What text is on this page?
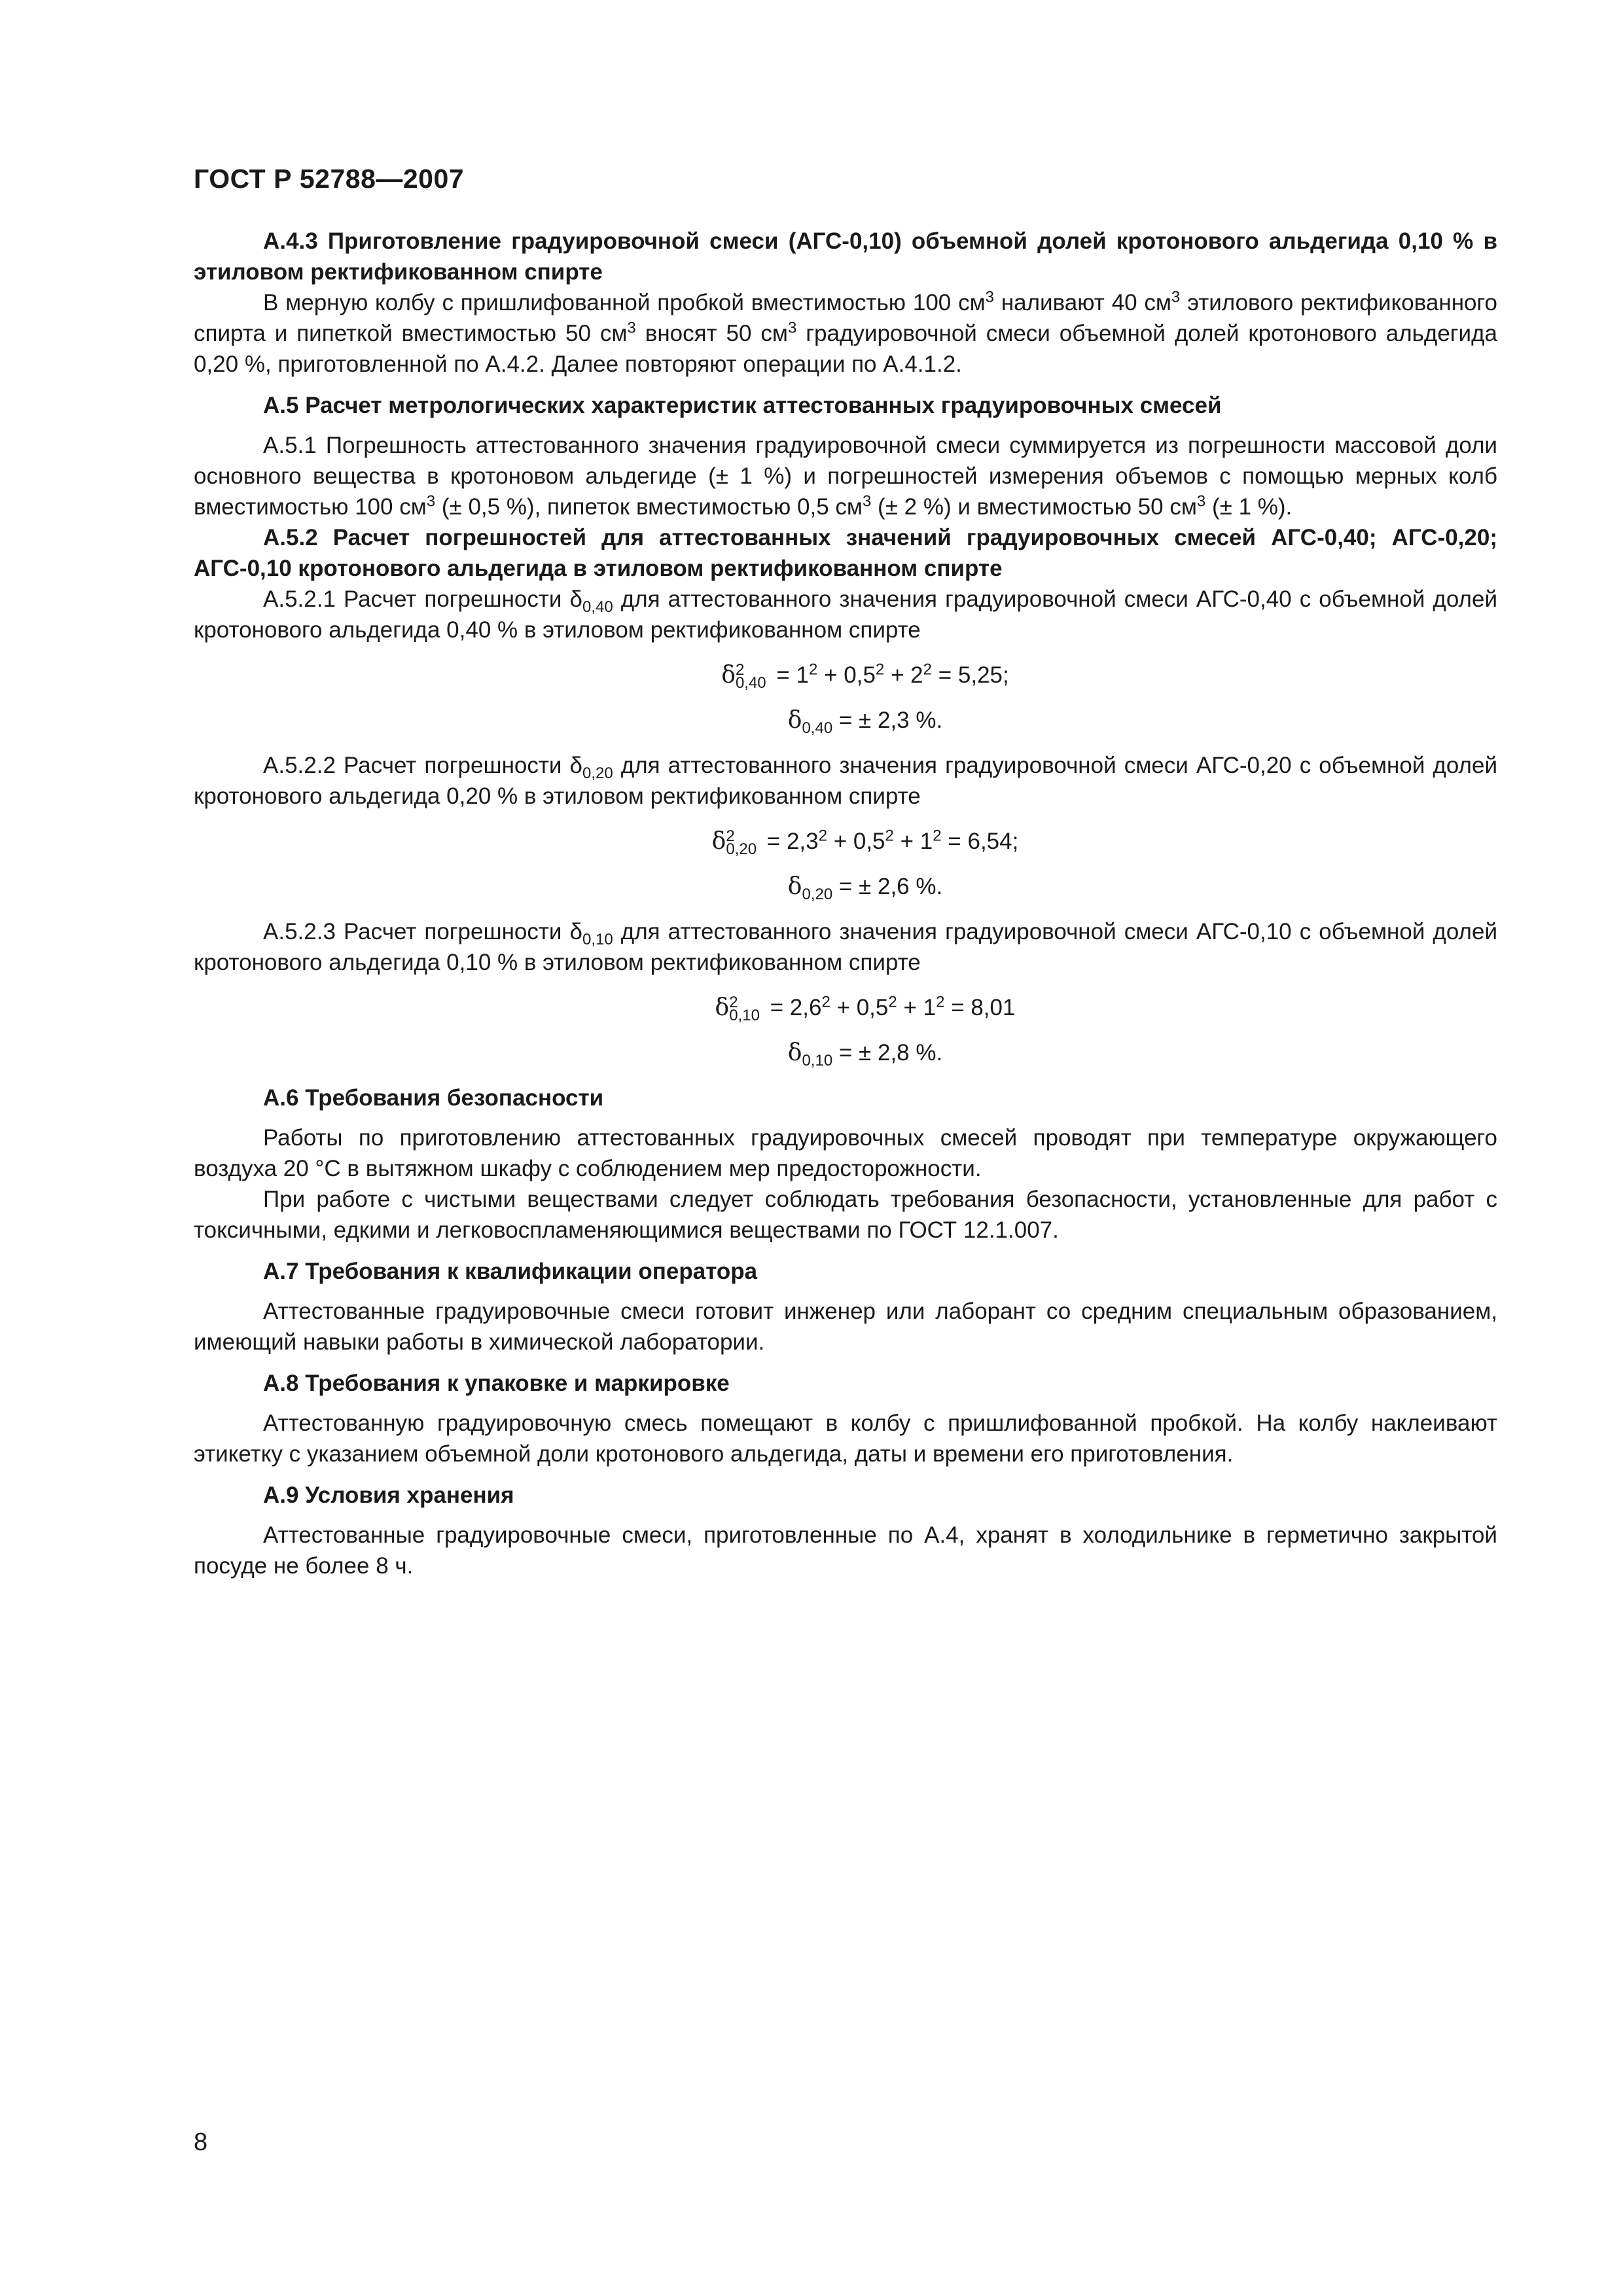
ГОСТ Р 52788—2007

А.4.3 Приготовление градуировочной смеси (АГС-0,10) объемной долей кротонового альдегида 0,10 % в этиловом ректификованном спирте

В мерную колбу с пришлифованной пробкой вместимостью 100 $см^3$ наливают 40 $см^3$ этилового ректификованного спирта и пипеткой вместимостью 50 $см^3$ вносят 50 $см^3$ градуировочной смеси объемной долей кротонового альдегида 0,20 %, приготовленной по А.4.2. Далее повторяют операции по А.4.1.2.

А.5 Расчет метрологических характеристик аттестованных градуировочных смесей

А.5.1 Погрешность аттестованного значения градуировочной смеси суммируется из погрешности массовой доли основного вещества в кротоновом альдегиде (± 1 %) и погрешностей измерения объемов с помощью мерных колб вместимостью 100 $см^3$ (± 0,5 %), пипеток вместимостью 0,5 $см^3$ (± 2 %) и вместимостью 50 $см^3$ (± 1 %).

А.5.2 Расчет погрешностей для аттестованных значений градуировочных смесей АГС-0,40; АГС-0,20; АГС-0,10 кротонового альдегида в этиловом ректификованном спирте

А.5.2.1 Расчет погрешности $\delta_{0,40}$ для аттестованного значения градуировочной смеси АГС-0,40 с объемной долей кротонового альдегида 0,40 % в этиловом ректификованном спирте

δ 2
$0,40 = 1^2 + 0,5^2 + 2^2 = 5,25$;
$\delta_{0,40}$ = ± 2,3 %.

А.5.2.2 Расчет погрешности $\delta_{0,20}$ для аттестованного значения градуировочной смеси АГС-0,20 с объемной долей кротонового альдегида 0,20 % в этиловом ректификованном спирте

δ 2
$0,20 = 2,3^2 + 0,5^2 + 1^2 = 6,54$;
$\delta_{0,20}$ = ± 2,6 %.

А.5.2.3 Расчет погрешности $\delta_{0,10}$ для аттестованного значения градуировочной смеси АГС-0,10 с объемной долей кротонового альдегида 0,10 % в этиловом ректификованном спирте

δ 2
$0,10 = 2,6^2 + 0,5^2 + 1^2 = 8,01$
$\delta_{0,10}$ = ± 2,8 %.

А.6 Требования безопасности

Работы по приготовлению аттестованных градуировочных смесей проводят при температуре окружающего воздуха 20 °С в вытяжном шкафу с соблюдением мер предосторожности.

При работе с чистыми веществами следует соблюдать требования безопасности, установленные для работ с токсичными, едкими и легковоспламеняющимися веществами по ГОСТ 12.1.007.

А.7 Требования к квалификации оператора

Аттестованные градуировочные смеси готовит инженер или лаборант со средним специальным образованием, имеющий навыки работы в химической лаборатории.

А.8 Требования к упаковке и маркировке

Аттестованную градуировочную смесь помещают в колбу с пришлифованной пробкой. На колбу наклеивают этикетку с указанием объемной доли кротонового альдегида, даты и времени его приготовления.

А.9 Условия хранения

Аттестованные градуировочные смеси, приготовленные по А.4, хранят в холодильнике в герметично закрытой посуде не более 8 ч.

8
